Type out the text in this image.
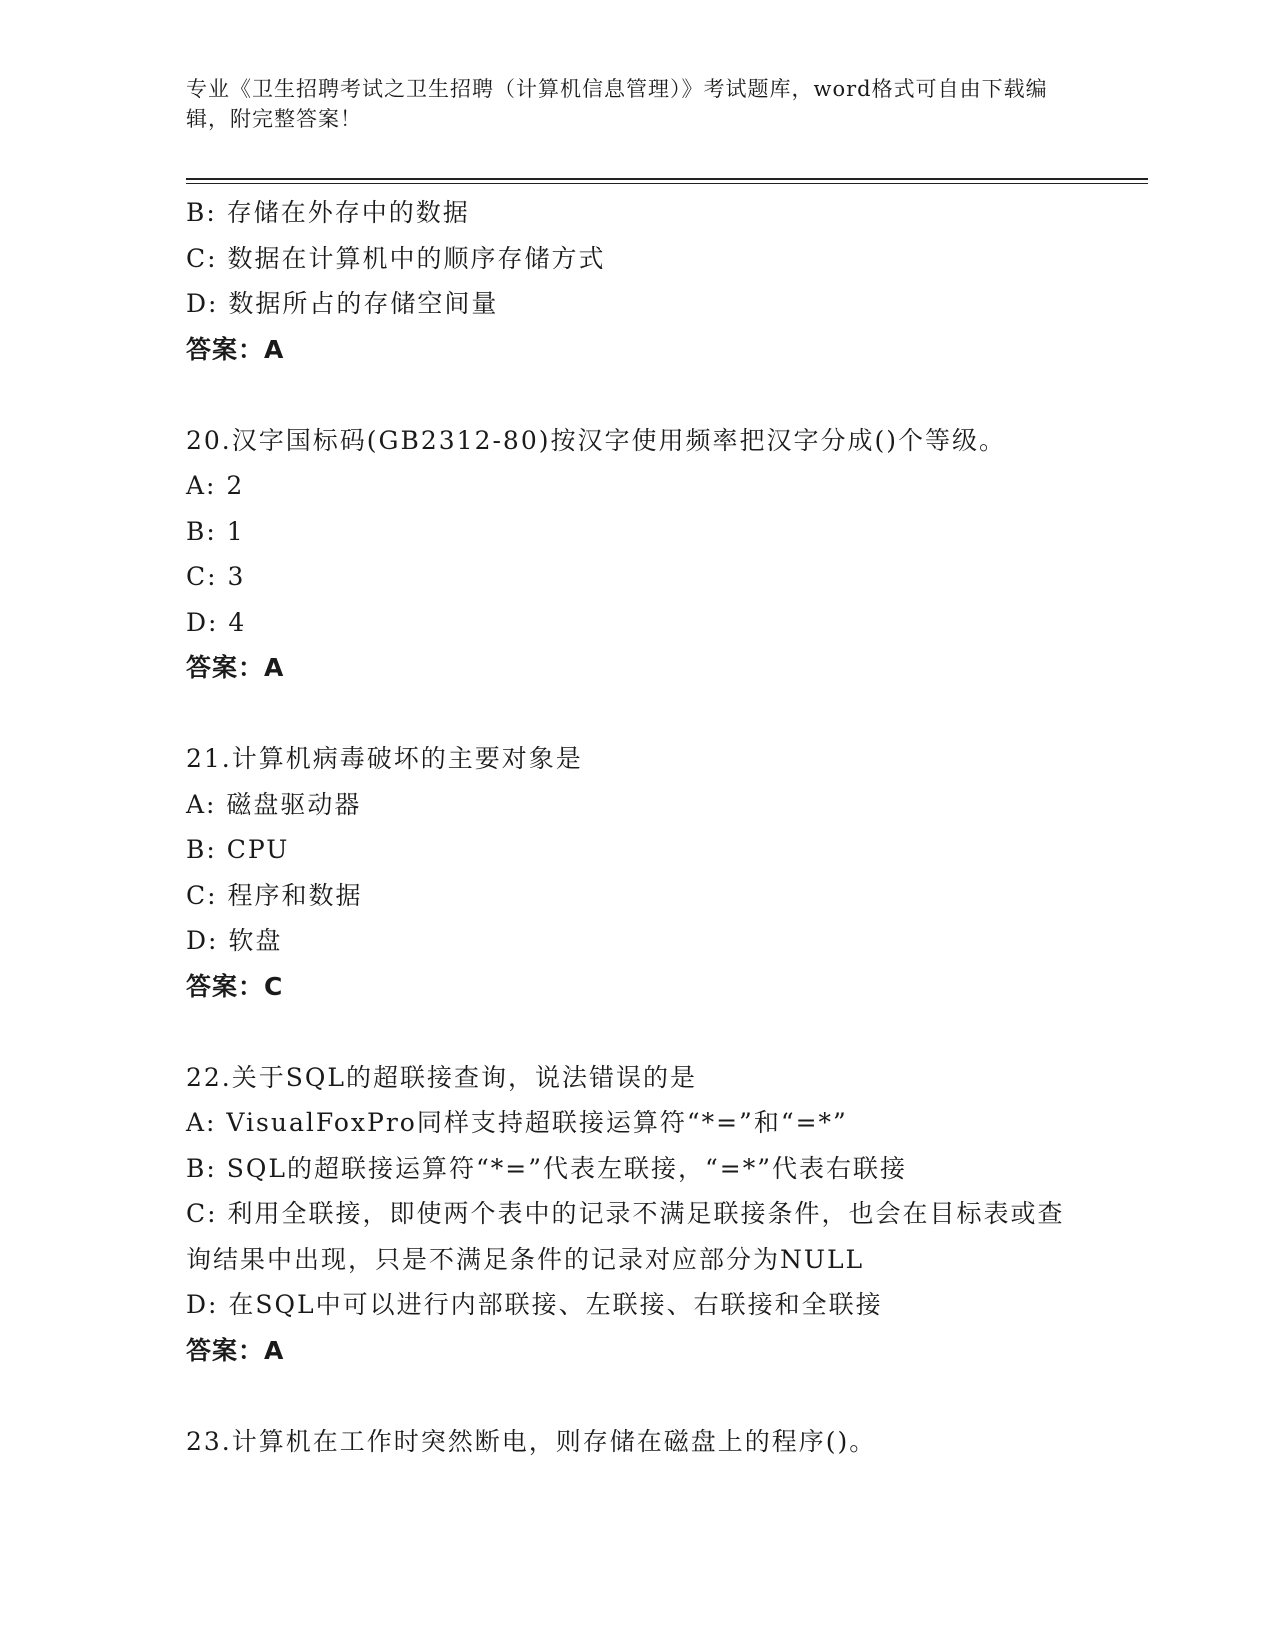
专业《卫生招聘考试之卫生招聘（计算机信息管理）》考试题库，word格式可自由下载编辑，附完整答案！
B: 存储在外存中的数据
C: 数据在计算机中的顺序存储方式
D: 数据所占的存储空间量
答案：A
20.汉字国标码(GB2312-80)按汉字使用频率把汉字分成()个等级。
A: 2
B: 1
C: 3
D: 4
答案：A
21.计算机病毒破坏的主要对象是
A: 磁盘驱动器
B: CPU
C: 程序和数据
D: 软盘
答案：C
22.关于SQL的超联接查询，说法错误的是
A: VisualFoxPro同样支持超联接运算符“*=”和“=*”
B: SQL的超联接运算符“*=”代表左联接，“=*”代表右联接
C: 利用全联接，即使两个表中的记录不满足联接条件，也会在目标表或查询结果中出现，只是不满足条件的记录对应部分为NULL
D: 在SQL中可以进行内部联接、左联接、右联接和全联接
答案：A
23.计算机在工作时突然断电，则存储在磁盘上的程序()。
